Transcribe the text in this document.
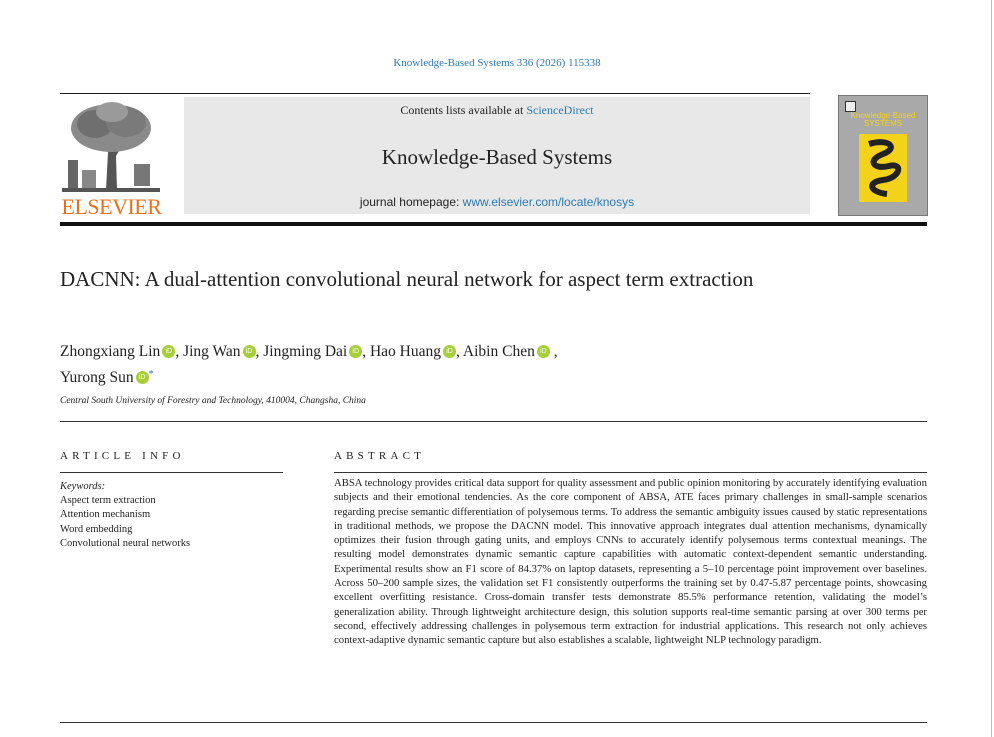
Knowledge-Based Systems 336 (2026) 115338
ELSEVIER
Contents lists available at ScienceDirect
Knowledge-Based Systems
journal homepage: www.elsevier.com/locate/knosys
Knowledge-Based SYSTEMS
DACNN: A dual-attention convolutional neural network for aspect term extraction
Zhongxiang Lin iD , Jing Wan iD , Jingming Dai iD , Hao Huang iD , Aibin Chen iD ,
Yurong Sun iD *
Central South University of Forestry and Technology, 410004, Changsha, China
ARTICLE INFO	ABSTRACT
Keywords:
Aspect term extraction
Attention mechanism
Word embedding
Convolutional neural networks

ABSA technology provides critical data support for quality assessment and public opinion monitoring by accurately identifying evaluation subjects and their emotional tendencies. As the core component of ABSA, ATE faces primary challenges in small-sample scenarios regarding precise semantic differentiation of polysemous terms. To address the semantic ambiguity issues caused by static representations in traditional methods, we propose the DACNN model. This innovative approach integrates dual attention mechanisms, dynamically optimizes their fusion through gating units, and employs CNNs to accurately identify polysemous terms contextual meanings. The resulting model demonstrates dynamic semantic capture capabilities with automatic context-dependent semantic understanding. Experimental results show an F1 score of 84.37% on laptop datasets, representing a 5–10 percentage point improvement over baselines. Across 50–200 sample sizes, the validation set F1 consistently outperforms the training set by 0.47-5.87 percentage points, showcasing excellent overfitting resistance. Cross-domain transfer tests demonstrate 85.5% performance retention, validating the model’s generalization ability. Through lightweight architecture design, this solution supports real-time semantic parsing at over 300 terms per second, effectively addressing challenges in polysemous term extraction for industrial applications. This research not only achieves context-adaptive dynamic semantic capture but also establishes a scalable, lightweight NLP technology paradigm.
